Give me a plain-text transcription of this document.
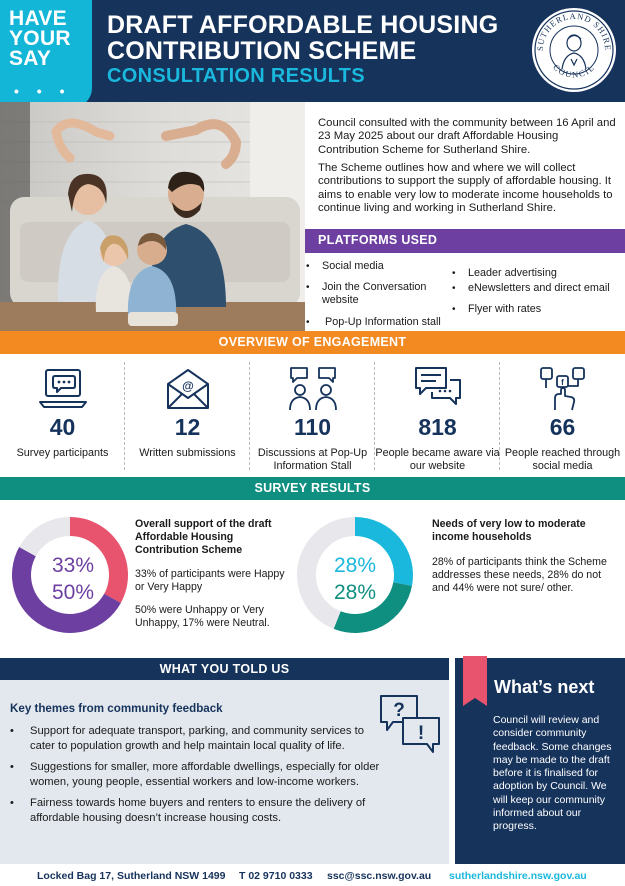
HAVE
YOUR
SAY
• • •
DRAFT AFFORDABLE HOUSING
CONTRIBUTION SCHEME
CONSULTATION RESULTS
SUTHERLAND SHIRE
COUNCIL
Council consulted with the community between 16 April and 23 May 2025 about our draft Affordable Housing Contribution Scheme for Sutherland Shire.
The Scheme outlines how and where we will collect contributions to support the supply of affordable housing. It aims to enable very low to moderate income households to continue living and working in Sutherland Shire.
PLATFORMS USED
• Social media
• Join the Conversation website
• Pop-Up Information stall
• Leader advertising
• eNewsletters and direct email
• Flyer with rates
OVERVIEW OF ENGAGEMENT
40
Survey participants
@
12
Written submissions
110
Discussions at Pop-Up Information Stall
818
People became aware via our website
f
66
People reached through social media
SURVEY RESULTS
33%
50%
Overall support of the draft Affordable Housing Contribution Scheme
33% of participants were Happy or Very Happy
50% were Unhappy or Very Unhappy, 17% were Neutral.
28%
28%
Needs of very low to moderate income households
28% of participants think the Scheme addresses these needs, 28% do not and 44% were not sure/ other.
WHAT YOU TOLD US
Key themes from community feedback	?
!
• Support for adequate transport, parking, and community services to cater to population growth and help maintain local quality of life.
• Suggestions for smaller, more affordable dwellings, especially for older women, young people, essential workers and low-income workers.
• Fairness towards home buyers and renters to ensure the delivery of affordable housing doesn’t increase housing costs.
What’s next
Council will review and consider community feedback. Some changes may be made to the draft before it is finalised for adoption by Council. We will keep our community informed about our progress.
Locked Bag 17, Sutherland NSW 1499 T 02 9710 0333 ssc@ssc.nsw.gov.au sutherlandshire.nsw.gov.au
